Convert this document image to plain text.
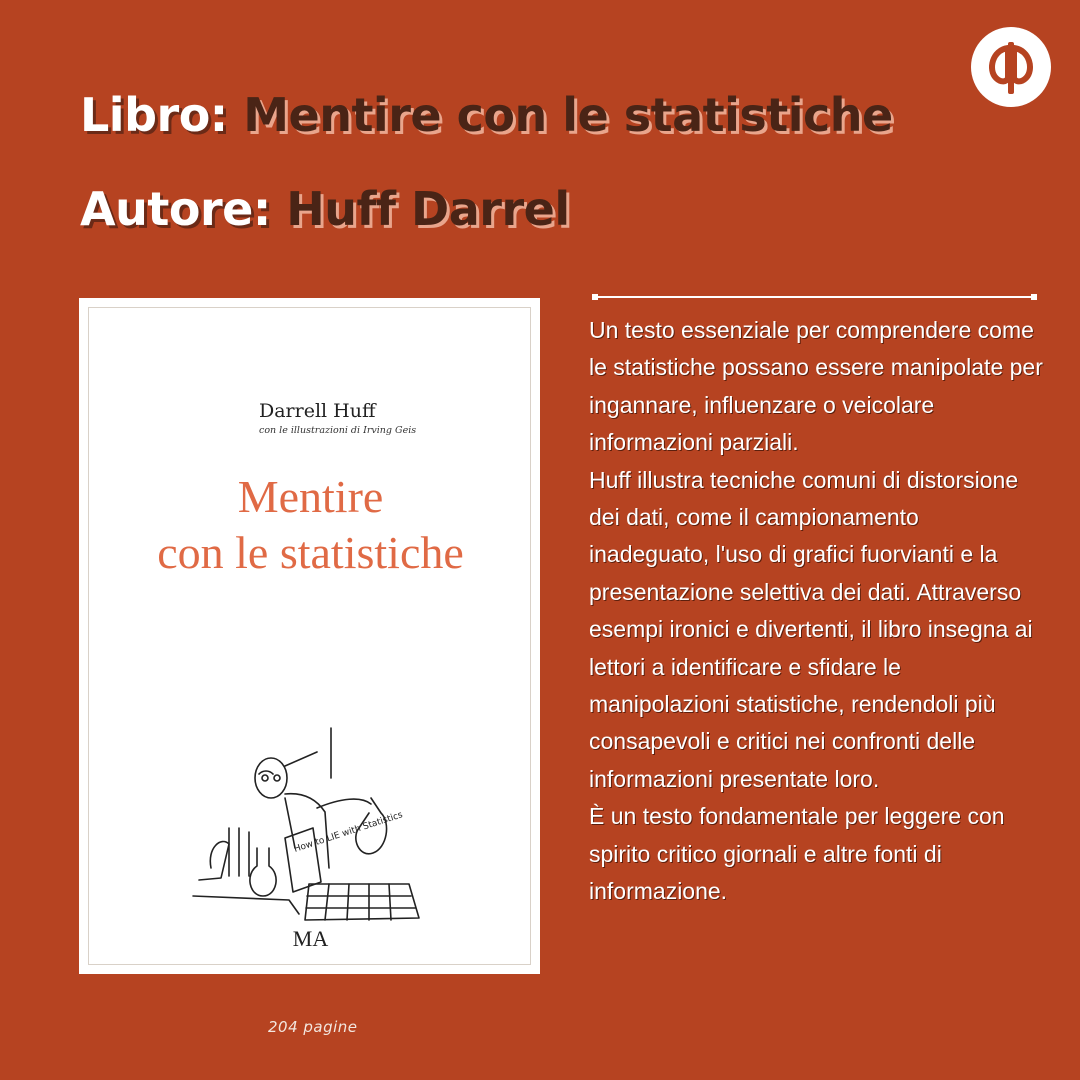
Libro: Mentire con le statistiche
Autore: Huff Darrel
Darrell Huff
con le illustrazioni di Irving Geis
Mentire
con le statistiche
How to LIE with Statistics
MA

Un testo essenziale per comprendere come le statistiche possano essere manipolate per ingannare, influenzare o veicolare informazioni parziali.

Huff illustra tecniche comuni di distorsione dei dati, come il campionamento inadeguato, l'uso di grafici fuorvianti e la presentazione selettiva dei dati. Attraverso esempi ironici e divertenti, il libro insegna ai lettori a identificare e sfidare le manipolazioni statistiche, rendendoli più consapevoli e critici nei confronti delle informazioni presentate loro.

È un testo fondamentale per leggere con spirito critico giornali e altre fonti di informazione.

204 pagine
